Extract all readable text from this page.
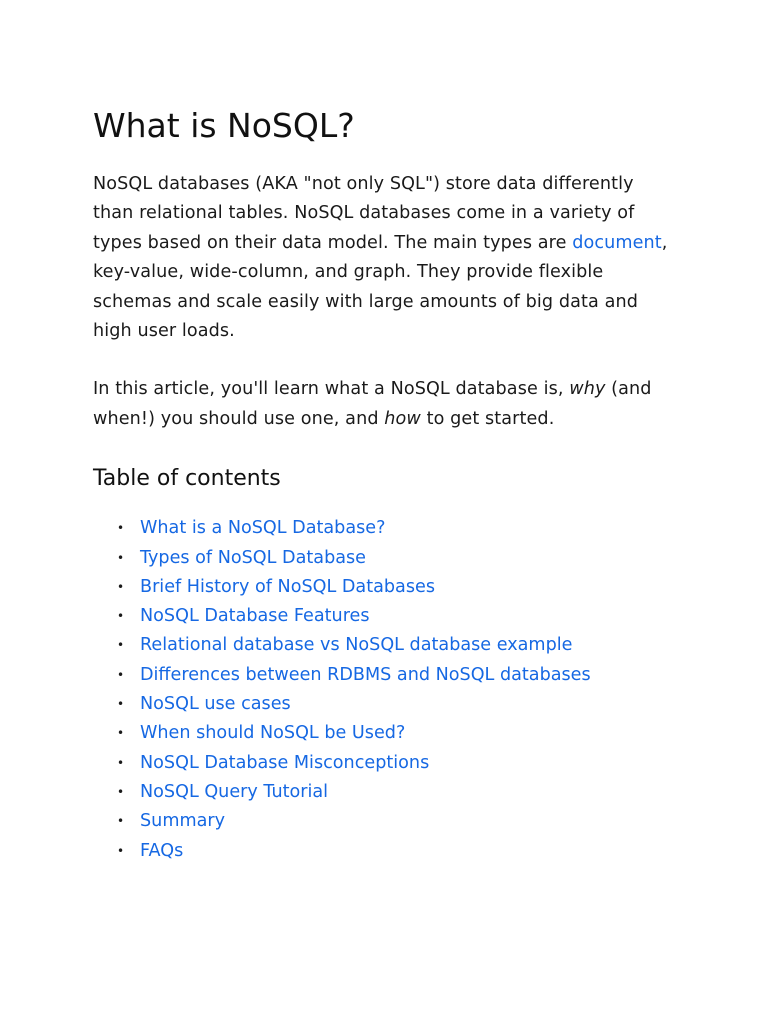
What is NoSQL?

NoSQL databases (AKA "not only SQL") store data differently than relational tables. NoSQL databases come in a variety of types based on their data model. The main types are document, key-value, wide-column, and graph. They provide flexible schemas and scale easily with large amounts of big data and high user loads.

In this article, you'll learn what a NoSQL database is, why (and when!) you should use one, and how to get started.

Table of contents
• What is a NoSQL Database?
• Types of NoSQL Database
• Brief History of NoSQL Databases
• NoSQL Database Features
• Relational database vs NoSQL database example
• Differences between RDBMS and NoSQL databases
• NoSQL use cases
• When should NoSQL be Used?
• NoSQL Database Misconceptions
• NoSQL Query Tutorial
• Summary
• FAQs
